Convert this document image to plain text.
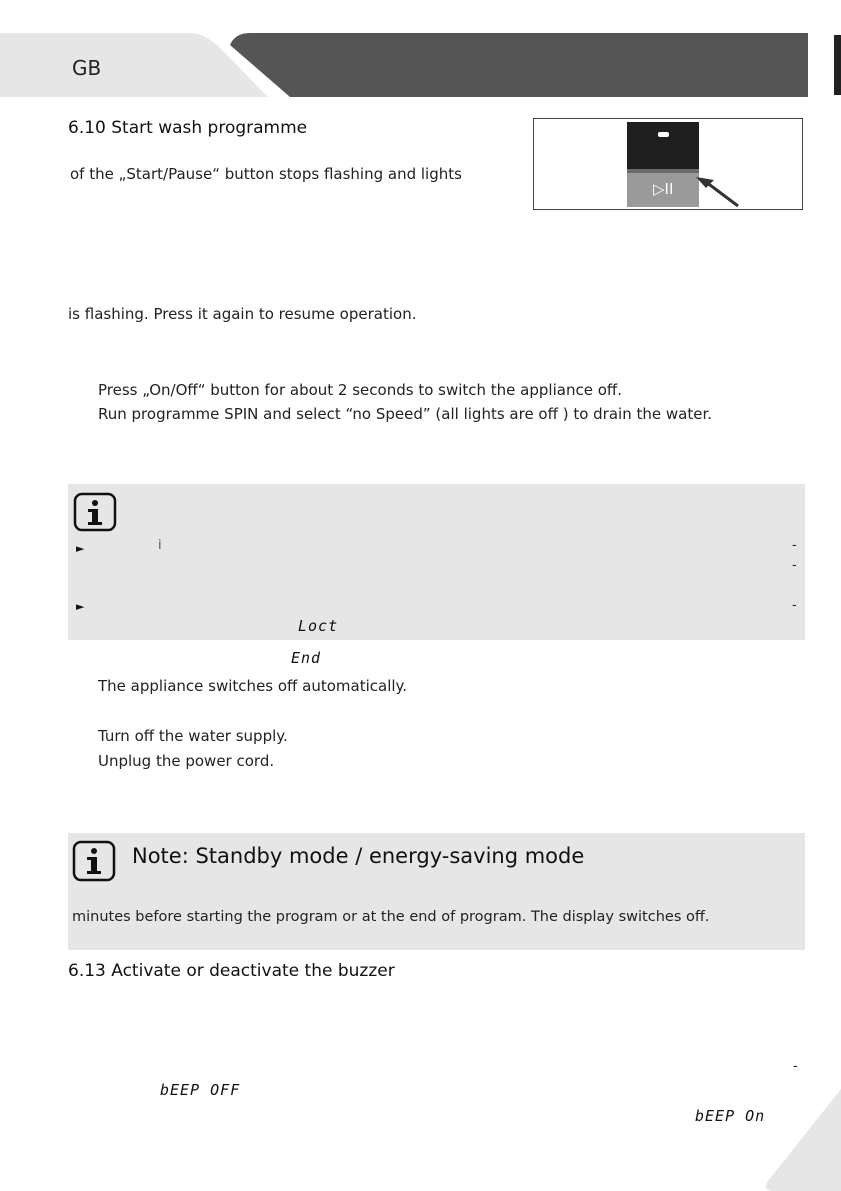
GB
6.10 Start wash programme
of the „Start/Pause“ button stops flashing and lights
▷II
is flashing. Press it again to resume operation.
Press „On/Off“ button for about 2 seconds to switch the appliance off.
Run programme SPIN and select “no Speed” (all lights are off ) to drain the water.
►	i
►
Loct
-
-
-
End
The appliance switches off automatically.
Turn off the water supply.
Unplug the power cord.
Note: Standby mode / energy-saving mode
minutes before starting the program or at the end of program. The display switches off.
6.13 Activate or deactivate the buzzer
-
bEEP OFF
bEEP On
